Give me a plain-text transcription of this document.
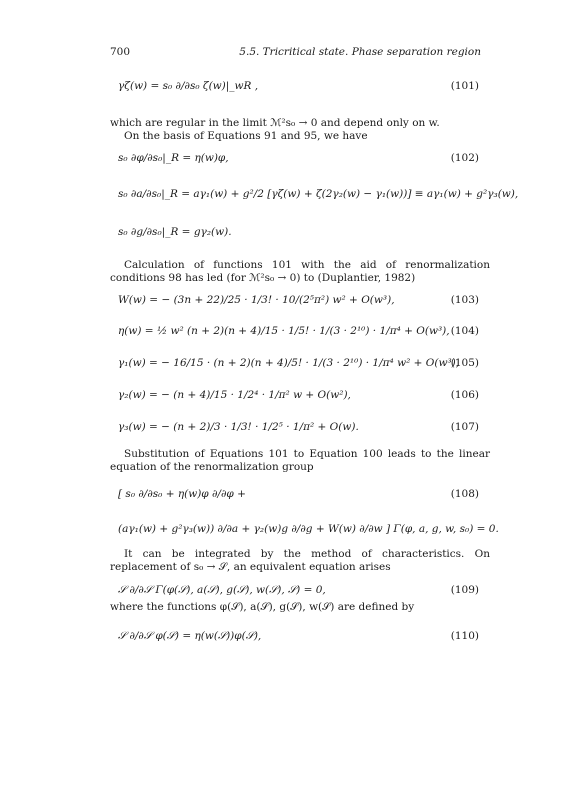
700	5.5. Tricritical state. Phase separation region
γζ(w) = s₀ ∂/∂s₀ ζ(w)|_wR ,	(101)
which are regular in the limit ℳ²s₀ → 0 and depend only on w.
On the basis of Equations 91 and 95, we have
s₀ ∂φ/∂s₀|_R = η(w)φ,	(102)
s₀ ∂a/∂s₀|_R = aγ₁(w) + g²/2 [γζ(w) + ζ(2γ₂(w) − γ₁(w))] ≡ aγ₁(w) + g²γ₃(w),
s₀ ∂g/∂s₀|_R = gγ₂(w).
Calculation of functions 101 with the aid of renormalization conditions 98 has led (for ℳ²s₀ → 0) to (Duplantier, 1982)
W(w) = − (3n + 22)/25 · 1/3! · 10/(2⁵π²) w² + O(w³),	(103)
η(w) = ½ w² (n + 2)(n + 4)/15 · 1/5! · 1/(3 · 2¹⁰) · 1/π⁴ + O(w³), (104)
γ₁(w) = − 16/15 · (n + 2)(n + 4)/5! · 1/(3 · 2¹⁰) · 1/π⁴ w² + O(w³),
(105)
γ₂(w) = − (n + 4)/15 · 1/2⁴ · 1/π² w + O(w²),	(106)
γ₃(w) = − (n + 2)/3 · 1/3! · 1/2⁵ · 1/π² + O(w).	(107)
Substitution of Equations 101 to Equation 100 leads to the linear equation of the renormalization group
[ s₀ ∂/∂s₀ + η(w)φ ∂/∂φ +	(108)
(aγ₁(w) + g²γ₃(w)) ∂/∂a + γ₂(w)g ∂/∂g + W(w) ∂/∂w ] Γ(φ, a, g, w, s₀) = 0.
It can be integrated by the method of characteristics. On replacement of s₀ → 𝒮, an equivalent equation arises
𝒮 ∂/∂𝒮 Γ(φ(𝒮), a(𝒮), g(𝒮), w(𝒮), 𝒮) = 0,	(109)
where the functions φ(𝒮), a(𝒮), g(𝒮), w(𝒮) are defined by
𝒮 ∂/∂𝒮 φ(𝒮) = η(w(𝒮))φ(𝒮),	(110)
